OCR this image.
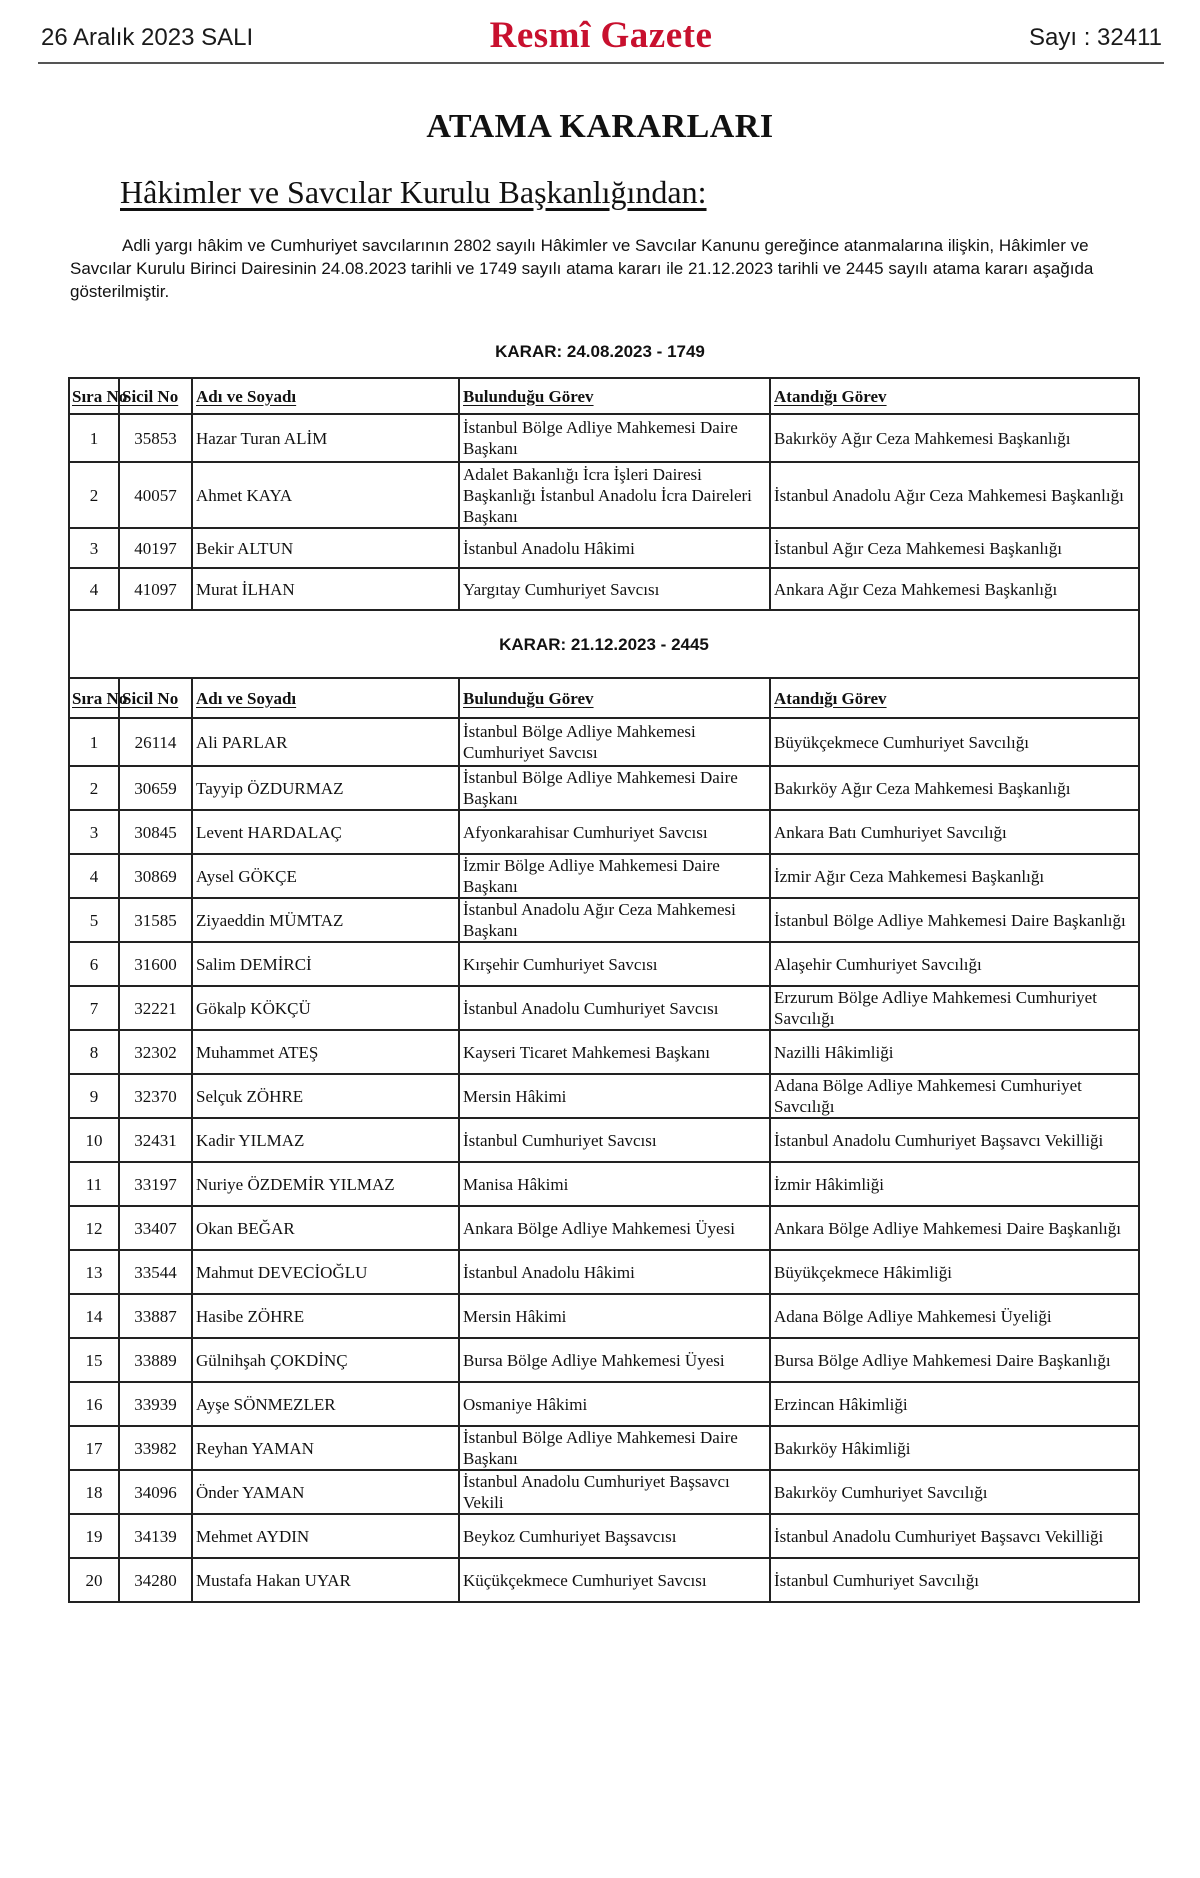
26 Aralık 2023 SALI	Resmî Gazete	Sayı : 32411
ATAMA KARARLARI
Hâkimler ve Savcılar Kurulu Başkanlığından:

Adli yargı hâkim ve Cumhuriyet savcılarının 2802 sayılı Hâkimler ve Savcılar Kanunu gereğince atanmalarına ilişkin, Hâkimler ve Savcılar Kurulu Birinci Dairesinin 24.08.2023 tarihli ve 1749 sayılı atama kararı ile 21.12.2023 tarihli ve 2445 sayılı atama kararı aşağıda gösterilmiştir.

KARAR: 24.08.2023 - 1749
Sıra No	Sicil No	Adı ve Soyadı	Bulunduğu Görev	Atandığı Görev
1	35853	Hazar Turan ALİM	İstanbul Bölge Adliye Mahkemesi Daire Başkanı	Bakırköy Ağır Ceza Mahkemesi Başkanlığı
2	40057	Ahmet KAYA	Adalet Bakanlığı İcra İşleri Dairesi Başkanlığı İstanbul Anadolu İcra Daireleri Başkanı	İstanbul Anadolu Ağır Ceza Mahkemesi Başkanlığı
3	40197	Bekir ALTUN	İstanbul Anadolu Hâkimi	İstanbul Ağır Ceza Mahkemesi Başkanlığı
4	41097	Murat İLHAN	Yargıtay Cumhuriyet Savcısı	Ankara Ağır Ceza Mahkemesi Başkanlığı
KARAR: 21.12.2023 - 2445				
Sıra No	Sicil No	Adı ve Soyadı	Bulunduğu Görev	Atandığı Görev
1	26114	Ali PARLAR	İstanbul Bölge Adliye Mahkemesi Cumhuriyet Savcısı	Büyükçekmece Cumhuriyet Savcılığı
2	30659	Tayyip ÖZDURMAZ	İstanbul Bölge Adliye Mahkemesi Daire Başkanı	Bakırköy Ağır Ceza Mahkemesi Başkanlığı
3	30845	Levent HARDALAÇ	Afyonkarahisar Cumhuriyet Savcısı	Ankara Batı Cumhuriyet Savcılığı
4	30869	Aysel GÖKÇE	İzmir Bölge Adliye Mahkemesi Daire Başkanı	İzmir Ağır Ceza Mahkemesi Başkanlığı
5	31585	Ziyaeddin MÜMTAZ	İstanbul Anadolu Ağır Ceza Mahkemesi Başkanı	İstanbul Bölge Adliye Mahkemesi Daire Başkanlığı
6	31600	Salim DEMİRCİ	Kırşehir Cumhuriyet Savcısı	Alaşehir Cumhuriyet Savcılığı
7	32221	Gökalp KÖKÇÜ	İstanbul Anadolu Cumhuriyet Savcısı	Erzurum Bölge Adliye Mahkemesi Cumhuriyet Savcılığı
8	32302	Muhammet ATEŞ	Kayseri Ticaret Mahkemesi Başkanı	Nazilli Hâkimliği
9	32370	Selçuk ZÖHRE	Mersin Hâkimi	Adana Bölge Adliye Mahkemesi Cumhuriyet Savcılığı
10	32431	Kadir YILMAZ	İstanbul Cumhuriyet Savcısı	İstanbul Anadolu Cumhuriyet Başsavcı Vekilliği
11	33197	Nuriye ÖZDEMİR YILMAZ	Manisa Hâkimi	İzmir Hâkimliği
12	33407	Okan BEĞAR	Ankara Bölge Adliye Mahkemesi Üyesi	Ankara Bölge Adliye Mahkemesi Daire Başkanlığı
13	33544	Mahmut DEVECİOĞLU	İstanbul Anadolu Hâkimi	Büyükçekmece Hâkimliği
14	33887	Hasibe ZÖHRE	Mersin Hâkimi	Adana Bölge Adliye Mahkemesi Üyeliği
15	33889	Gülnihşah ÇOKDİNÇ	Bursa Bölge Adliye Mahkemesi Üyesi	Bursa Bölge Adliye Mahkemesi Daire Başkanlığı
16	33939	Ayşe SÖNMEZLER	Osmaniye Hâkimi	Erzincan Hâkimliği
17	33982	Reyhan YAMAN	İstanbul Bölge Adliye Mahkemesi Daire Başkanı	Bakırköy Hâkimliği
18	34096	Önder YAMAN	İstanbul Anadolu Cumhuriyet Başsavcı Vekili	Bakırköy Cumhuriyet Savcılığı
19	34139	Mehmet AYDIN	Beykoz Cumhuriyet Başsavcısı	İstanbul Anadolu Cumhuriyet Başsavcı Vekilliği
20	34280	Mustafa Hakan UYAR	Küçükçekmece Cumhuriyet Savcısı	İstanbul Cumhuriyet Savcılığı
